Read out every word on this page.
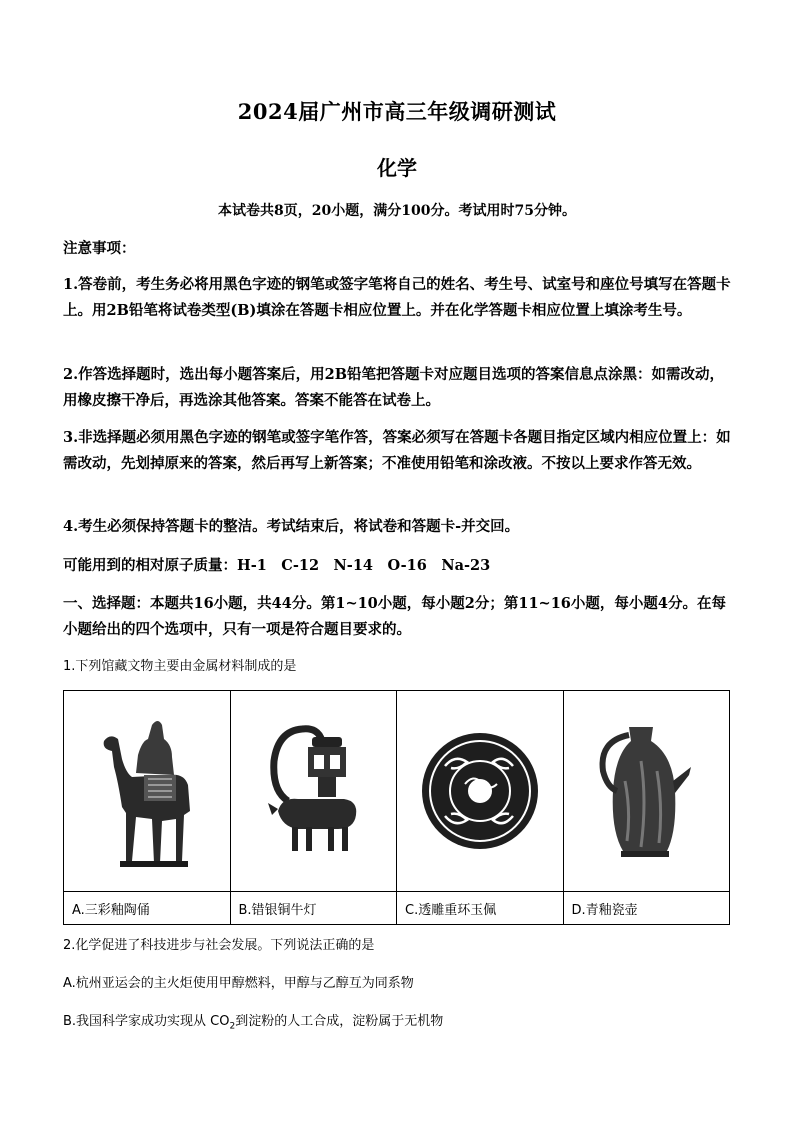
2024届广州市高三年级调研测试
化学
本试卷共8页，20小题，满分100分。考试用时75分钟。
注意事项：
1.答卷前，考生务必将用黑色字迹的钢笔或签字笔将自己的姓名、考生号、试室号和座位号填写在答题卡上。用2B铅笔将试卷类型(B)填涂在答题卡相应位置上。并在化学答题卡相应位置上填涂考生号。
2.作答选择题时，选出每小题答案后，用2B铅笔把答题卡对应题目选项的答案信息点涂黑：如需改动，用橡皮擦干净后，再选涂其他答案。答案不能答在试卷上。
3.非选择题必须用黑色字迹的钢笔或签字笔作答，答案必须写在答题卡各题目指定区域内相应位置上：如需改动，先划掉原来的答案，然后再写上新答案；不准使用铅笔和涂改液。不按以上要求作答无效。
4.考生必须保持答题卡的整洁。考试结束后，将试卷和答题卡-并交回。
可能用到的相对原子质量：H-1　C-12　N-14　O-16　Na-23
一、选择题：本题共16小题，共44分。第1~10小题，每小题2分；第11~16小题，每小题4分。在每小题给出的四个选项中，只有一项是符合题目要求的。
1.下列馆藏文物主要由金属材料制成的是

A.三彩釉陶俑	B.错银铜牛灯	C.透雕重环玉佩	D.青釉瓷壶
2.化学促进了科技进步与社会发展。下列说法正确的是
A.杭州亚运会的主火炬使用甲醇燃料，甲醇与乙醇互为同系物
B.我国科学家成功实现从 $CO_2$到淀粉的人工合成，淀粉属于无机物
